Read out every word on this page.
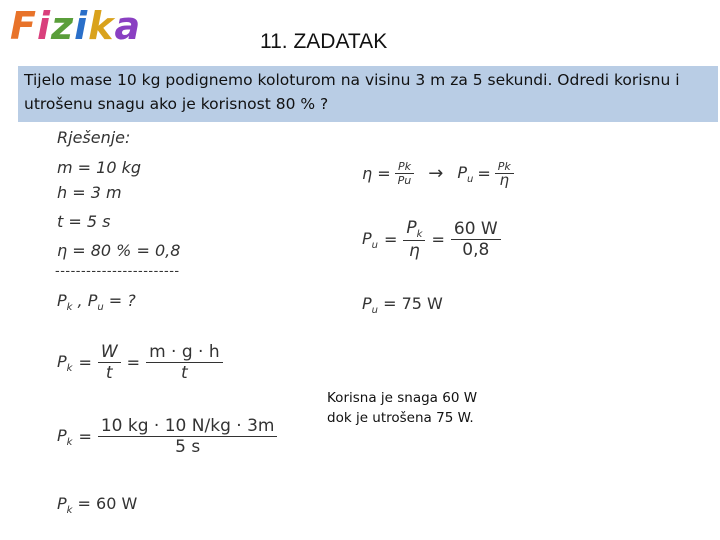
Fizika	11. ZADATAK
Tijelo mase 10 kg podignemo koloturom na visinu 3 m za 5 sekundi. Odredi korisnu i
utrošenu snagu ako je korisnost 80 % ?
Rješenje:
m = 10 kg
h = 3 m
t = 5 s
η = 80 % = 0,8
------------------------
$P_k$ , $P_u$ = ?
$P_k = \frac{W}{t} = \frac{m \cdot g \cdot h}{t}$
$P_k = \frac{10 kg \cdot 10 N/kg \cdot 3m}{5 s}$
$P_k = 60$ W
$\eta = \frac{Pk}{Pu} \to P_u = \frac{Pk}{\eta}$
$P_u = \frac{P_k}{\eta} = \frac{60 W}{0,8}$
$P_u = 75$ W
Korisna je snaga 60 W
dok je utrošena 75 W.
